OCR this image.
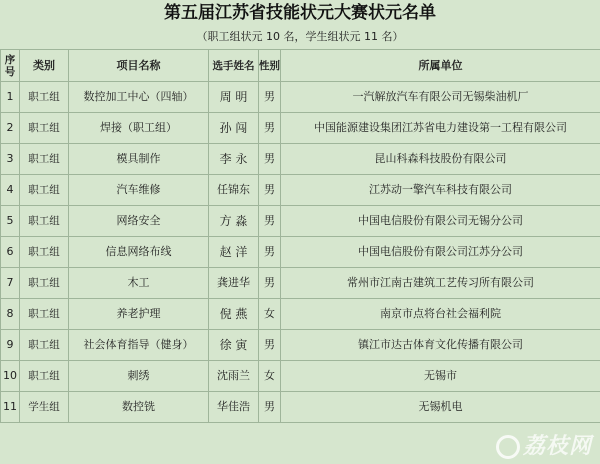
第五届江苏省技能状元大赛状元名单
（职工组状元 10 名，学生组状元 11 名）
序号	类别	项目名称	选手姓名	性别	所属单位
1	职工组	数控加工中心（四轴）	周 明	男	一汽解放汽车有限公司无锡柴油机厂
2	职工组	焊接（职工组）	孙 闯	男	中国能源建设集团江苏省电力建设第一工程有限公司
3	职工组	模具制作	李 永	男	昆山科森科技股份有限公司
4	职工组	汽车维修	任锦东	男	江苏动一擎汽车科技有限公司
5	职工组	网络安全	方 淼	男	中国电信股份有限公司无锡分公司
6	职工组	信息网络布线	赵 洋	男	中国电信股份有限公司江苏分公司
7	职工组	木工	龚进华	男	常州市江南古建筑工艺传习所有限公司
8	职工组	养老护理	倪 燕	女	南京市点将台社会福利院
9	职工组	社会体育指导（健身）	徐 寅	男	镇江市达古体育文化传播有限公司
10	职工组	刺绣	沈雨兰	女	无锡市
11	学生组	数控铣	华佳浩	男	无锡机电
荔枝网
